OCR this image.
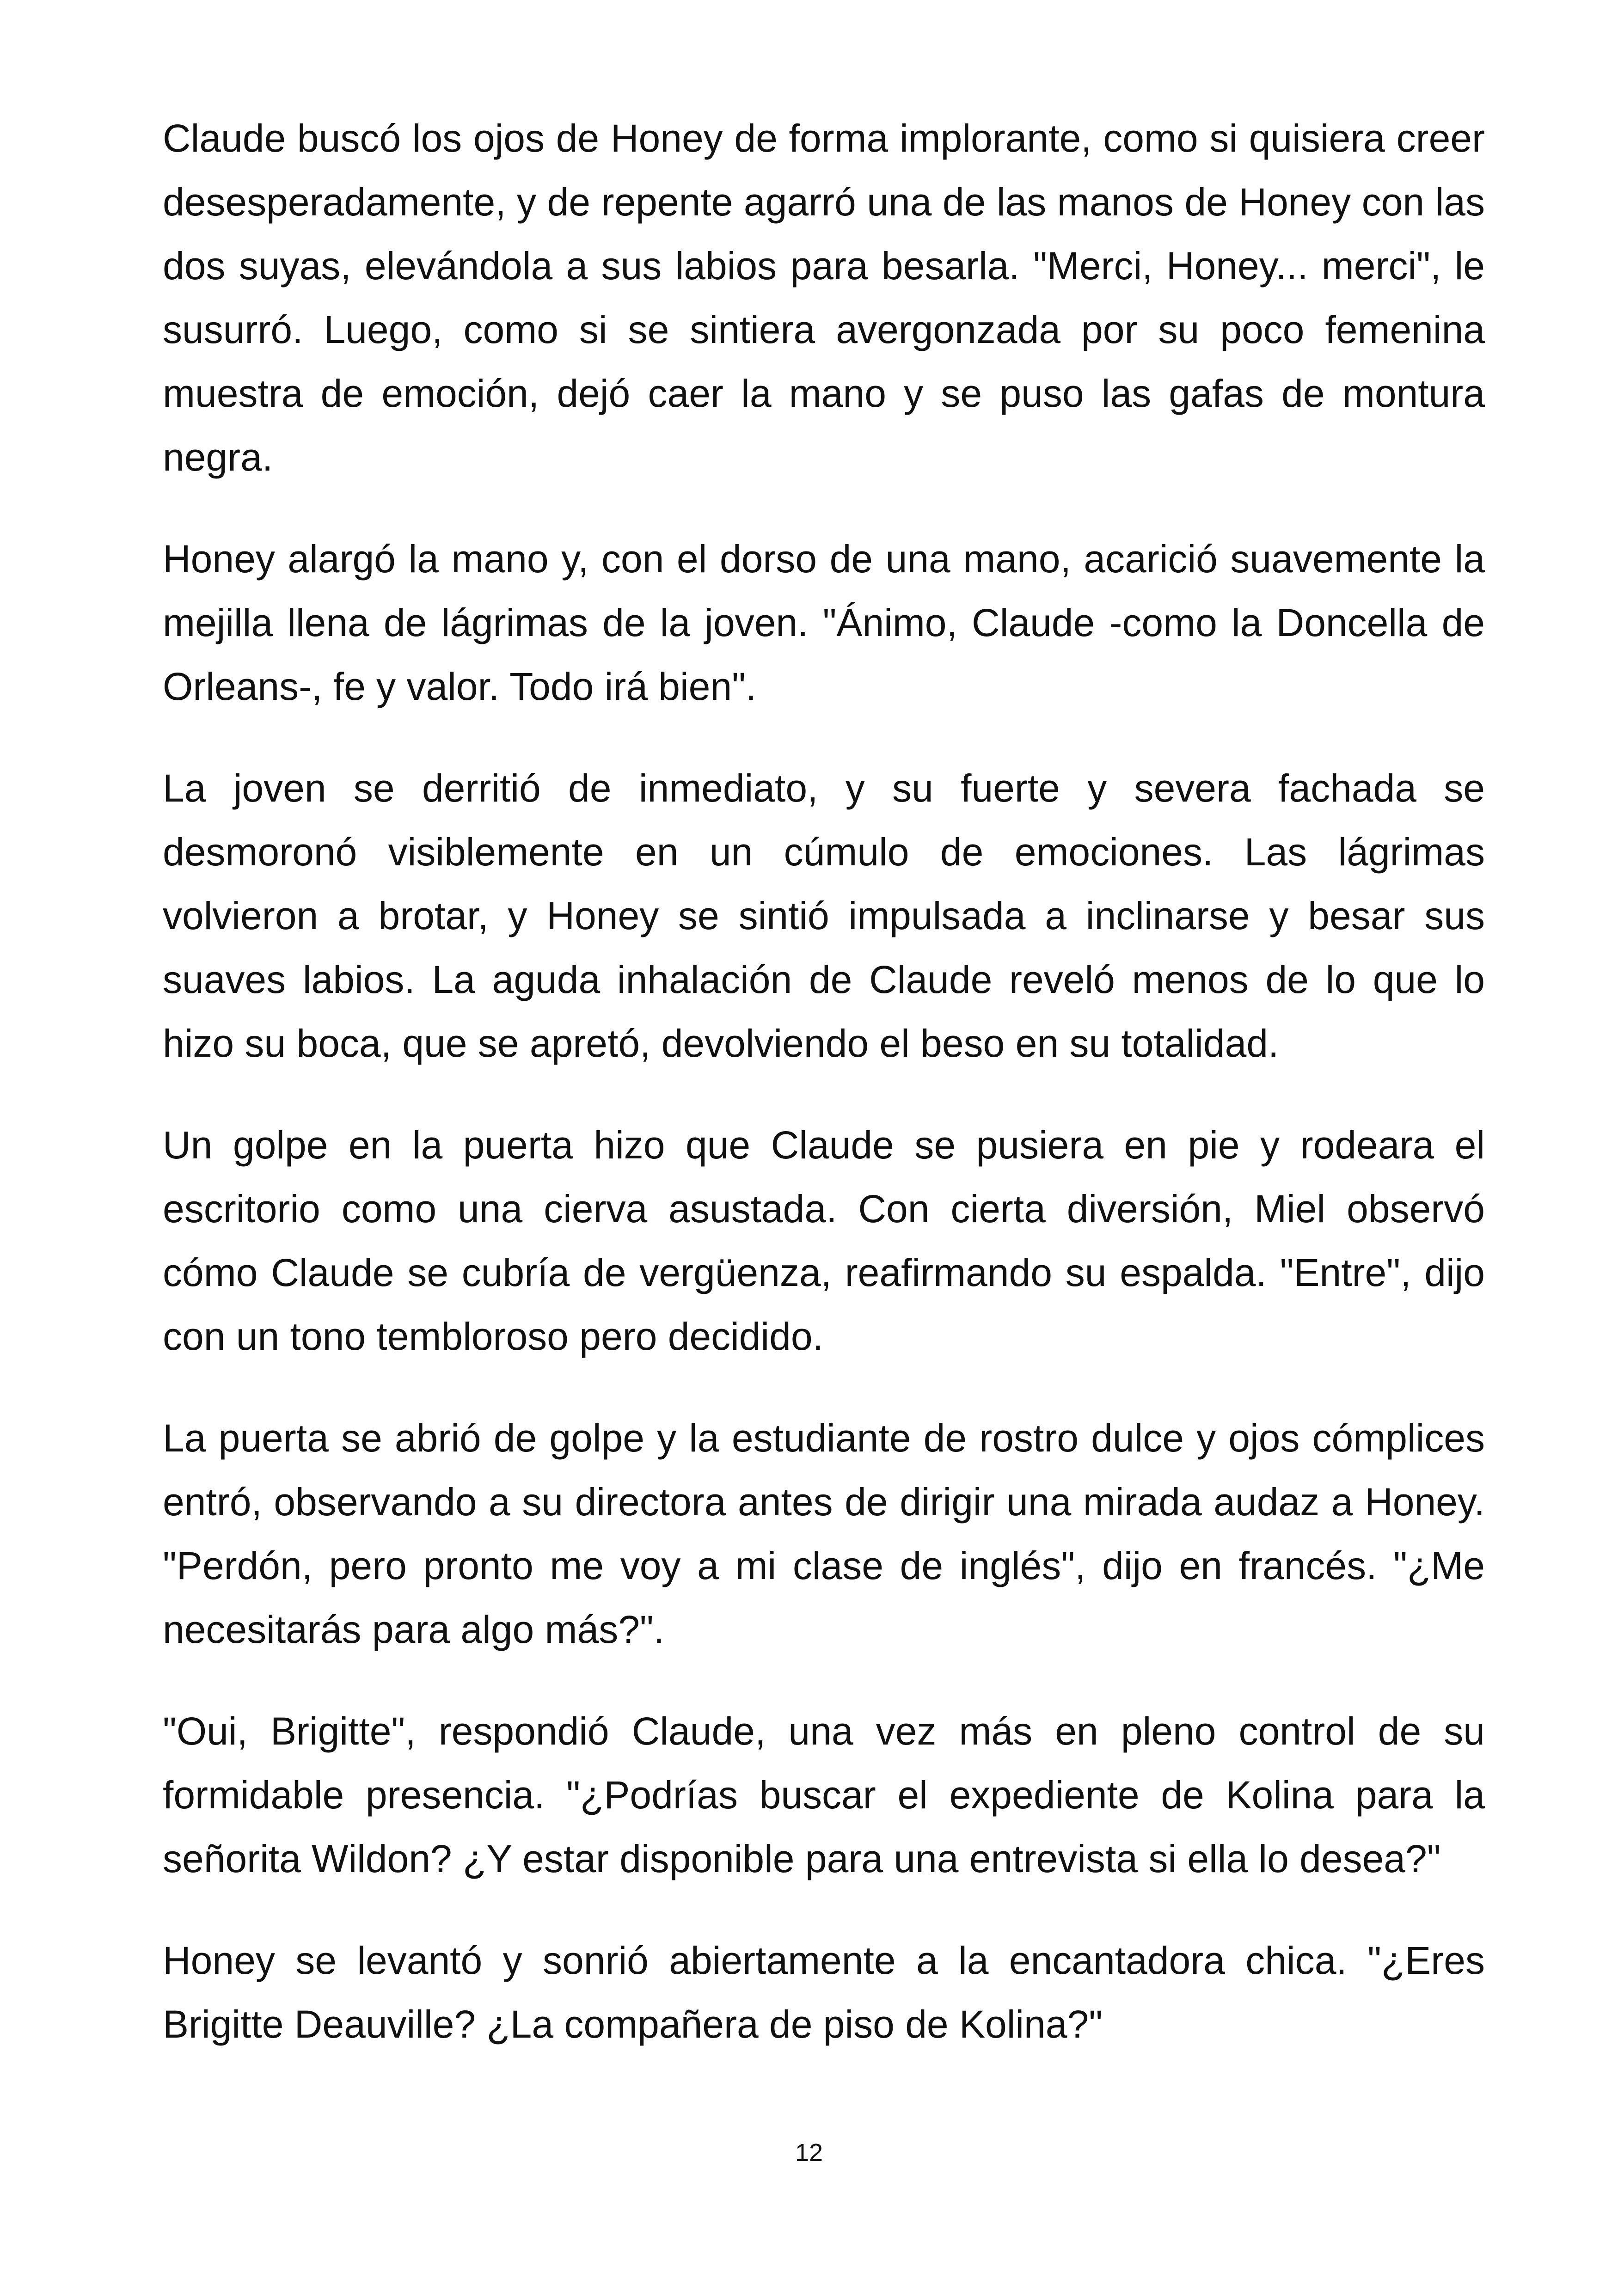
Claude buscó los ojos de Honey de forma implorante, como si quisiera creer desesperadamente, y de repente agarró una de las manos de Honey con las dos suyas, elevándola a sus labios para besarla. "Merci, Honey... merci", le susurró. Luego, como si se sintiera avergonzada por su poco femenina muestra de emoción, dejó caer la mano y se puso las gafas de montura negra.

Honey alargó la mano y, con el dorso de una mano, acarició suavemente la mejilla llena de lágrimas de la joven. "Ánimo, Claude -como la Doncella de Orleans-, fe y valor. Todo irá bien".

La joven se derritió de inmediato, y su fuerte y severa fachada se desmoronó visiblemente en un cúmulo de emociones. Las lágrimas volvieron a brotar, y Honey se sintió impulsada a inclinarse y besar sus suaves labios. La aguda inhalación de Claude reveló menos de lo que lo hizo su boca, que se apretó, devolviendo el beso en su totalidad.

Un golpe en la puerta hizo que Claude se pusiera en pie y rodeara el escritorio como una cierva asustada. Con cierta diversión, Miel observó cómo Claude se cubría de vergüenza, reafirmando su espalda. "Entre", dijo con un tono tembloroso pero decidido.

La puerta se abrió de golpe y la estudiante de rostro dulce y ojos cómplices entró, observando a su directora antes de dirigir una mirada audaz a Honey. "Perdón, pero pronto me voy a mi clase de inglés", dijo en francés. "¿Me necesitarás para algo más?".

"Oui, Brigitte", respondió Claude, una vez más en pleno control de su formidable presencia. "¿Podrías buscar el expediente de Kolina para la señorita Wildon? ¿Y estar disponible para una entrevista si ella lo desea?"

Honey se levantó y sonrió abiertamente a la encantadora chica. "¿Eres Brigitte Deauville? ¿La compañera de piso de Kolina?"

12
